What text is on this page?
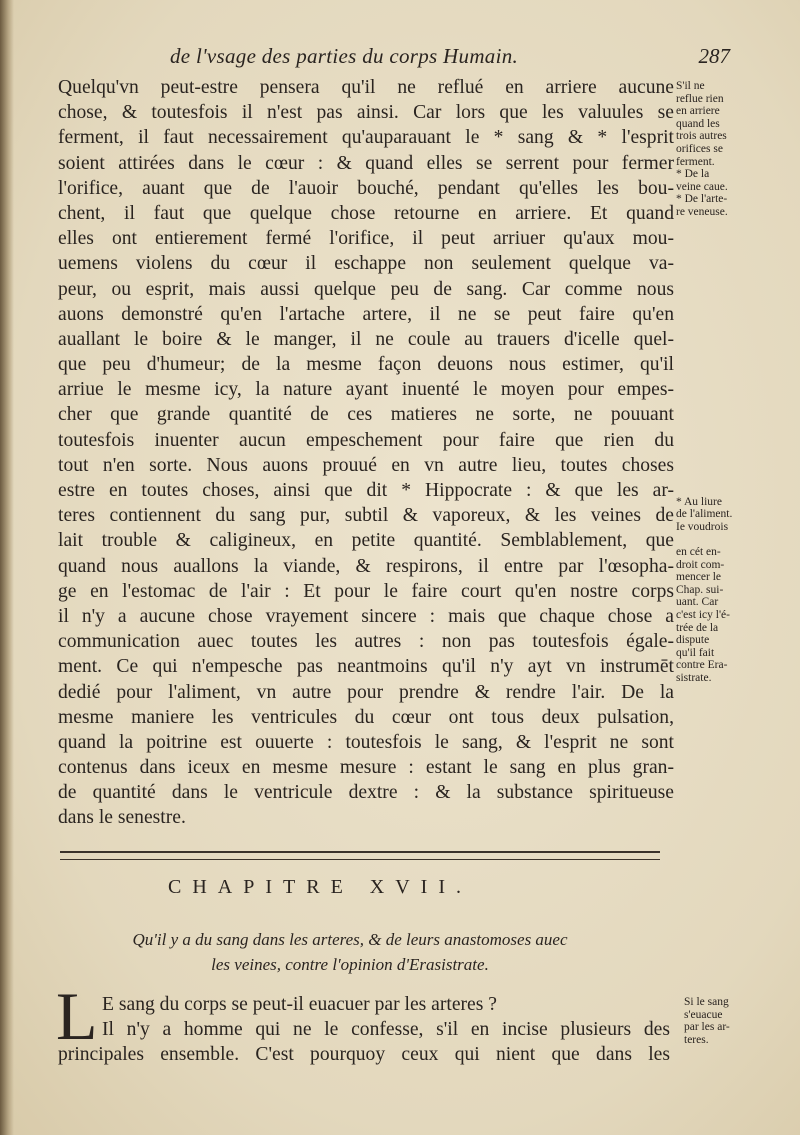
de l'vsage des parties du corps Humain.	287
Quelqu'vn peut-estre pensera qu'il ne reflué en arriere aucune
chose, & toutesfois il n'est pas ainsi. Car lors que les valuules se
ferment, il faut necessairement qu'auparauant le * sang & * l'esprit
soient attirées dans le cœur : & quand elles se serrent pour fermer
l'orifice, auant que de l'auoir bouché, pendant qu'elles les bou-
chent, il faut que quelque chose retourne en arriere. Et quand
elles ont entierement fermé l'orifice, il peut arriuer qu'aux mou-
uemens violens du cœur il eschappe non seulement quelque va-
peur, ou esprit, mais aussi quelque peu de sang. Car comme nous
auons demonstré qu'en l'artache artere, il ne se peut faire qu'en
auallant le boire & le manger, il ne coule au trauers d'icelle quel-
que peu d'humeur; de la mesme façon deuons nous estimer, qu'il
arriue le mesme icy, la nature ayant inuenté le moyen pour empes-
cher que grande quantité de ces matieres ne sorte, ne pouuant
toutesfois inuenter aucun empeschement pour faire que rien du
tout n'en sorte. Nous auons prouué en vn autre lieu, toutes choses
estre en toutes choses, ainsi que dit * Hippocrate : & que les ar-
teres contiennent du sang pur, subtil & vaporeux, & les veines de
lait trouble & caligineux, en petite quantité. Semblablement, que
quand nous auallons la viande, & respirons, il entre par l'œsopha-
ge en l'estomac de l'air : Et pour le faire court qu'en nostre corps
il n'y a aucune chose vrayement sincere : mais que chaque chose a
communication auec toutes les autres : non pas toutesfois égale-
ment. Ce qui n'empesche pas neantmoins qu'il n'y ayt vn instrumēt
dedié pour l'aliment, vn autre pour prendre & rendre l'air. De la
mesme maniere les ventricules du cœur ont tous deux pulsation,
quand la poitrine est ouuerte : toutesfois le sang, & l'esprit ne sont
contenus dans iceux en mesme mesure : estant le sang en plus gran-
de quantité dans le ventricule dextre : & la substance spiritueuse
dans le senestre.
S'il ne
reflue rien
en arriere
quand les
trois autres
orifices se
ferment.
* De la
veine caue.
* De l'arte-
re veneuse.
* Au liure
de l'aliment.
Ie voudrois
en cét en-
droit com-
mencer le
Chap. sui-
uant. Car
c'est icy l'é-
trée de la
dispute
qu'il fait
contre Era-
sistrate.
CHAPITRE XVII.
Qu'il y a du sang dans les arteres, & de leurs anastomoses auec
les veines, contre l'opinion d'Erasistrate.
L E sang du corps se peut-il euacuer par les arteres ?
Il n'y a homme qui ne le confesse, s'il en incise plusieurs des
principales ensemble. C'est pourquoy ceux qui nient que dans les
Si le sang
s'euacue
par les ar-
teres.
